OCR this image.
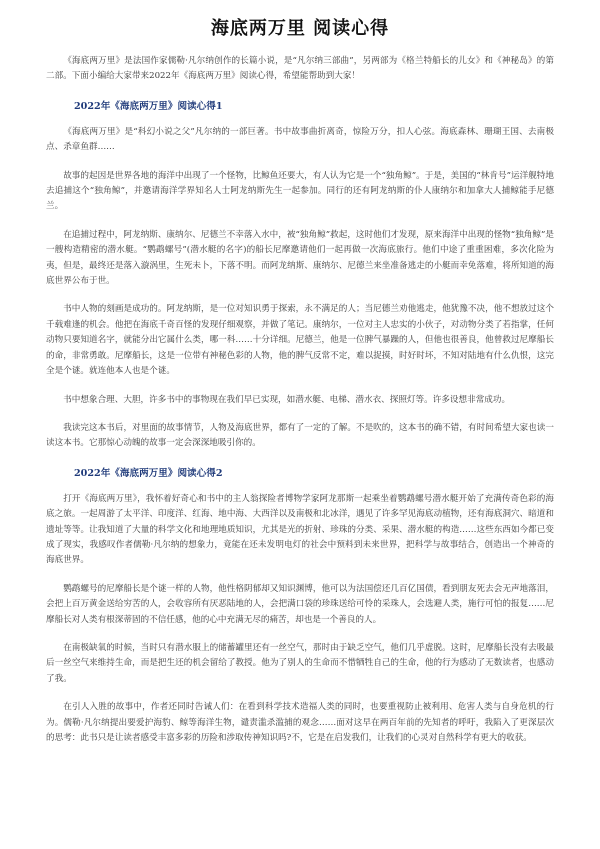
海底两万里 阅读心得

《海底两万里》是法国作家儒勒·凡尔纳创作的长篇小说，是“凡尔纳三部曲”，另两部为《格兰特船长的儿女》和《神秘岛》的第二部。下面小编给大家带来2022年《海底两万里》阅读心得，希望能帮助到大家！

2022年《海底两万里》阅读心得1

《海底两万里》是“科幻小说之父”凡尔纳的一部巨著。书中故事曲折离奇，惊险万分，扣人心弦。海底森林、珊瑚王国、去南极点、杀章鱼群……

故事的起因是世界各地的海洋中出现了一个怪物，比鲸鱼还要大，有人认为它是一个“独角鲸”。于是，美国的“林肯号”运洋舰特地去追捕这个“独角鲸”，并邀请海洋学界知名人士阿龙纳斯先生一起参加。同行的还有阿龙纳斯的仆人康纳尔和加拿大人捕鲸能手尼德兰。

在追捕过程中，阿龙纳斯、康纳尔、尼德兰不幸落入水中，被“独角鲸”救起，这时他们才发现，原来海洋中出现的怪物“独角鲸”是一艘构造精密的潜水艇。“鹦鹉螺号”(潜水艇的名字)的船长尼摩邀请他们一起再做一次海底旅行。他们中途了重重困难，多次化险为夷，但是，最终还是落入漩涡里，生死未卜，下落不明。而阿龙纳斯、康纳尔、尼德兰来坐准备逃走的小艇而幸免落难，将所知道的海底世界公布于世。

书中人物的刻画是成功的。阿龙纳斯，是一位对知识勇于探索，永不满足的人；当尼德兰劝他逃走，他犹豫不决，他不想放过这个千载难逢的机会。他把在海底千奇百怪的发现仔细观察，并做了笔记。康纳尔，一位对主人忠实的小伙子，对动物分类了若指掌，任何动物只要知道名字，就能分出它属什么类，哪一科……十分详细。尼德兰，他是一位脾气暴躁的人，但他也很善良，他曾救过尼摩船长的命，非常勇敢。尼摩船长，这是一位带有神秘色彩的人物，他的脾气反常不定，难以捉摸，时好时坏，不知对陆地有什么仇恨，这完全是个谜。就连他本人也是个谜。

书中想象合理、大胆，许多书中的事物现在我们早已实现，如潜水艇、电梯、潜水衣、探照灯等。许多设想非常成功。

我读完这本书后，对里面的故事情节，人物及海底世界，都有了一定的了解。不是吹的，这本书的确不错，有时间希望大家也读一读这本书。它那惊心动魄的故事一定会深深地吸引你的。

2022年《海底两万里》阅读心得2

打开《海底两万里》，我怀着好奇心和书中的主人翁探险者博物学家阿龙那斯一起乘坐着鹦鹉螺号潜水艇开始了充满传奇色彩的海底之旅。一起周游了太平洋、印度洋、红海、地中海、大西洋以及南极和北冰洋，遇见了许多罕见海底动植物，还有海底洞穴、暗道和遗址等等。让我知道了大量的科学文化和地理地质知识，尤其是光的折射、珍珠的分类、采果、潜水艇的构造……这些东西如今都已变成了现实，我感叹作者儒勒·凡尔纳的想象力，竟能在还未发明电灯的社会中预料到未来世界，把科学与故事结合，创造出一个神奇的海底世界。

鹦鹉螺号的尼摩船长是个谜一样的人物，他性格阴郁却又知识渊博，他可以为法国偿还几百亿国债，看到朋友死去会无声地落泪，会把上百万黄金送给穷苦的人，会收容所有厌恶陆地的人，会把满口袋的珍珠送给可怜的采珠人，会选避人类，施行可怕的报复……尼摩船长对人类有根深蒂固的不信任感，他的心中充满无尽的痛苦，却也是一个善良的人。

在南极缺氧的时候，当时只有潜水服上的储蓄罐里还有一丝空气，那时由于缺乏空气，他们几乎虚脱。这时，尼摩船长没有去吸最后一丝空气来维持生命，而是把生还的机会留给了教授。他为了别人的生命而不惜牺牲自己的生命，他的行为感动了无数读者，也感动了我。

在引人入胜的故事中，作者还同时告诫人们：在看到科学技术造福人类的同时，也要重视防止被利用、危害人类与自身危机的行为。儒勒·凡尔纳提出要爱护海豹、鲸等海洋生物，谴责滥杀滥捕的观念……面对这早在两百年前的先知者的呼吁，我陷入了更深层次的思考：此书只是让读者感受丰富多彩的历险和涉取传神知识吗?不，它是在启发我们，让我们的心灵对自然科学有更大的收获。
